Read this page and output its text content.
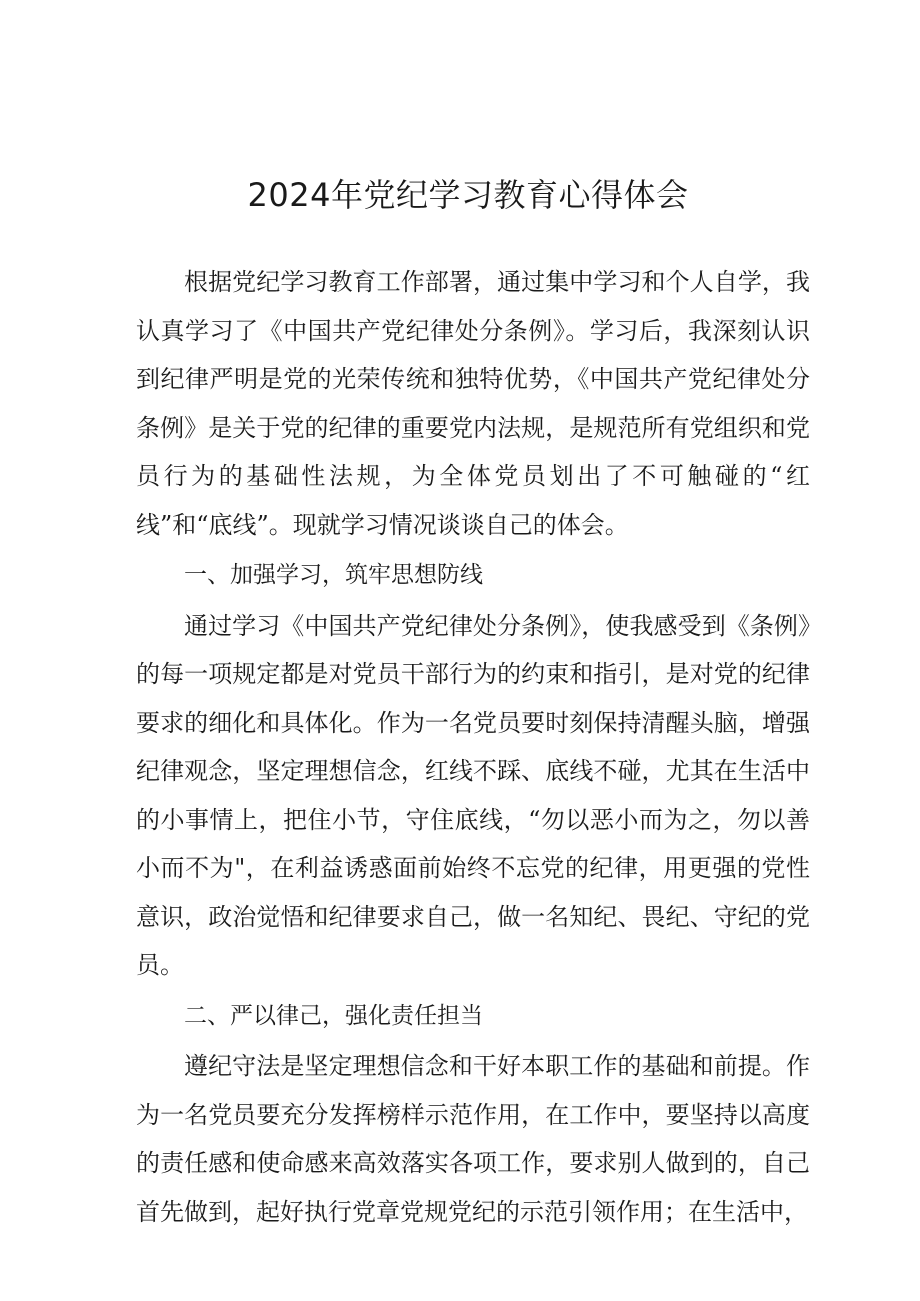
2024年党纪学习教育心得体会

根据党纪学习教育工作部署，通过集中学习和个人自学，我认真学习了《中国共产党纪律处分条例》。学习后，我深刻认识到纪律严明是党的光荣传统和独特优势，《中国共产党纪律处分条例》是关于党的纪律的重要党内法规，是规范所有党组织和党员行为的基础性法规，为全体党员划出了不可触碰的“红线”和“底线”。现就学习情况谈谈自己的体会。

一、加强学习，筑牢思想防线

通过学习《中国共产党纪律处分条例》，使我感受到《条例》的每一项规定都是对党员干部行为的约束和指引，是对党的纪律要求的细化和具体化。作为一名党员要时刻保持清醒头脑，增强纪律观念，坚定理想信念，红线不踩、底线不碰，尤其在生活中的小事情上，把住小节，守住底线，“勿以恶小而为之，勿以善小而不为"，在利益诱惑面前始终不忘党的纪律，用更强的党性意识，政治觉悟和纪律要求自己，做一名知纪、畏纪、守纪的党员。

二、严以律己，强化责任担当

遵纪守法是坚定理想信念和干好本职工作的基础和前提。作为一名党员要充分发挥榜样示范作用，在工作中，要坚持以高度的责任感和使命感来高效落实各项工作，要求别人做到的，自己首先做到，起好执行党章党规党纪的示范引领作用；在生活中，
